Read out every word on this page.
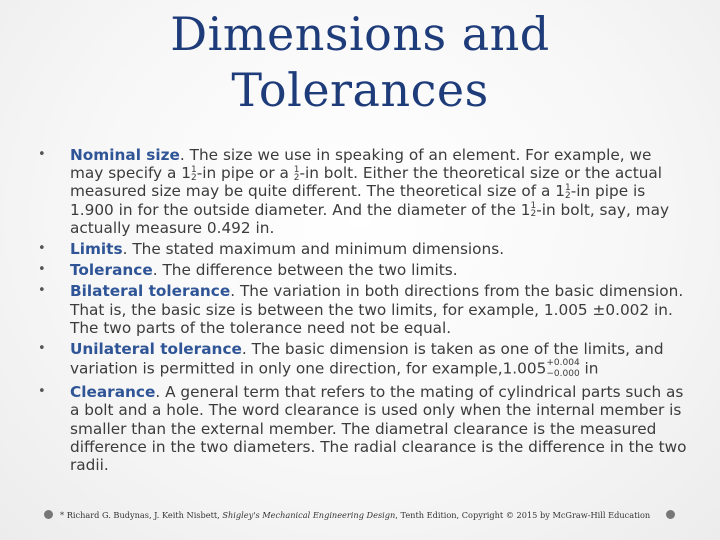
Dimensions and
Tolerances
•	Nominal size. The size we use in speaking of an element. For example, we may specify a 1 1
2 -in pipe or a 1
2 -in bolt. Either the theoretical size or the actual measured size may be quite different. The theoretical size of a 1 1
2 -in pipe is 1.900 in for the outside diameter. And the diameter of the 1 1
2 -in bolt, say, may actually measure 0.492 in.
•	Limits. The stated maximum and minimum dimensions.
•	Tolerance. The difference between the two limits.
•	Bilateral tolerance. The variation in both directions from the basic dimension. That is, the basic size is between the two limits, for example, 1.005 ±0.002 in. The two parts of the tolerance need not be equal.
•	Unilateral tolerance. The basic dimension is taken as one of the limits, and variation is permitted in only one direction, for example,1.005 +0.004
−0.000 in
•	Clearance. A general term that refers to the mating of cylindrical parts such as a bolt and a hole. The word clearance is used only when the internal member is smaller than the external member. The diametral clearance is the measured difference in the two diameters. The radial clearance is the difference in the two radii.
* Richard G. Budynas, J. Keith Nisbett, Shigley's Mechanical Engineering Design, Tenth Edition, Copyright © 2015 by McGraw-Hill Education
